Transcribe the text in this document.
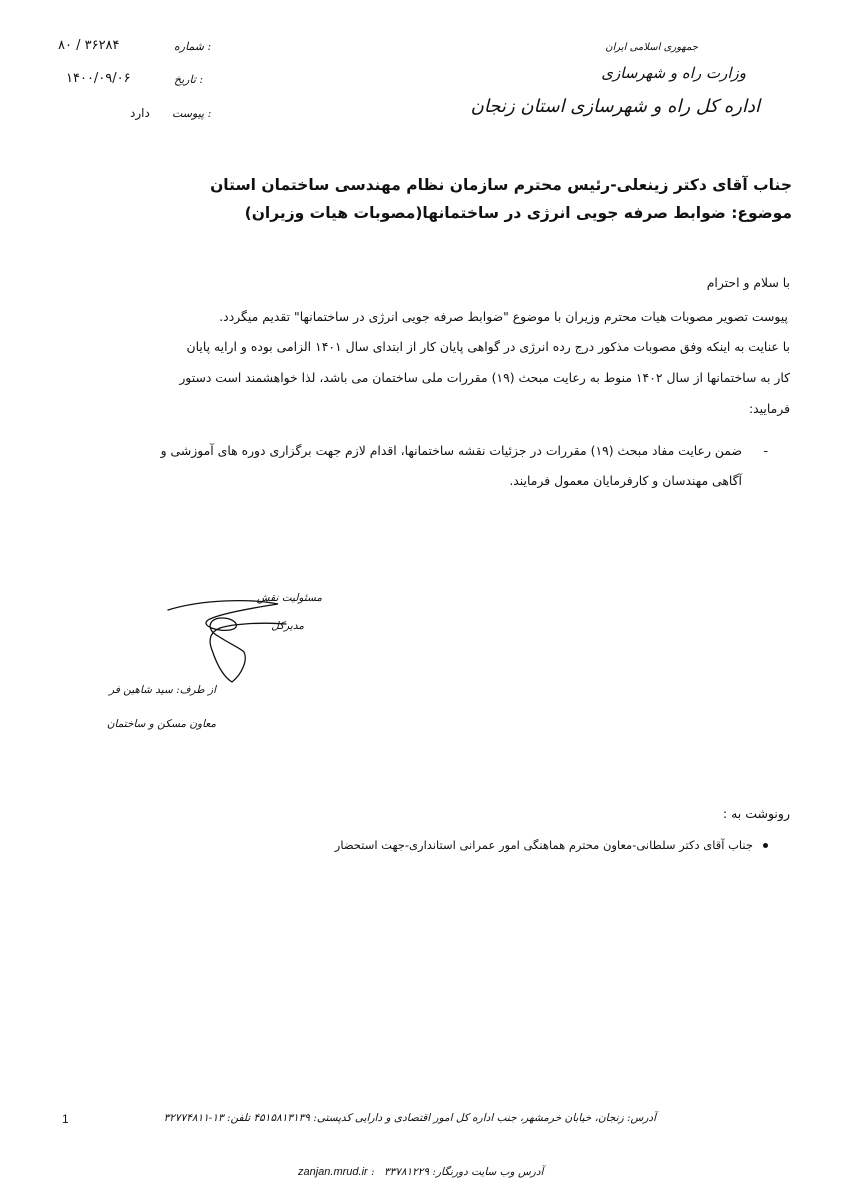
جمهوری اسلامی ایران
وزارت راه و شهرسازی
اداره کل راه و شهرسازی استان زنجان
۸۰ / ۳۶۲۸۴	شماره :
۱۴۰۰/۰۹/۰۶	تاریخ :
دارد پیوست :
جناب آقای دکتر زینعلی-رئیس محترم سازمان نظام مهندسی ساختمان استان
موضوع: ضوابط صرفه جویی انرژی در ساختمانها(مصوبات هیات وزیران)
با سلام و احترام
پیوست تصویر مصوبات هیات محترم وزیران با موضوع "ضوابط صرفه جویی انرژی در ساختمانها" تقدیم میگردد.
با عنایت به اینکه وفق مصوبات مذکور درج رده انرژی در گواهی پایان کار از ابتدای سال ۱۴۰۱ الزامی بوده و ارایه پایان
کار به ساختمانها از سال ۱۴۰۲ منوط به رعایت مبحث (۱۹) مقررات ملی ساختمان می باشد، لذا خواهشمند است دستور
فرمایید:
-
ضمن رعایت مفاد مبحث (۱۹) مقررات در جزئیات نقشه ساختمانها، اقدام لازم جهت برگزاری دوره های آموزشی و
آگاهی مهندسان و کارفرمایان معمول فرمایند.
مسئولیت نقش
مدیرکل
از طرف: سید شاهین فر
معاون مسکن و ساختمان
رونوشت به :
جناب آقای دکتر سلطانی-معاون محترم هماهنگی امور عمرانی استانداری-جهت استحضار
1	آدرس: زنجان، خیابان خرمشهر، جنب اداره کل امور اقتصادی و دارایی کدپستی: ۴۵۱۵۸۱۳۱۳۹ تلفن: ۱۳-۳۲۷۷۴۸۱۱
zanjan.mrud.ir : آدرس وب سایت دورنگار: ۳۳۷۸۱۲۲۹
